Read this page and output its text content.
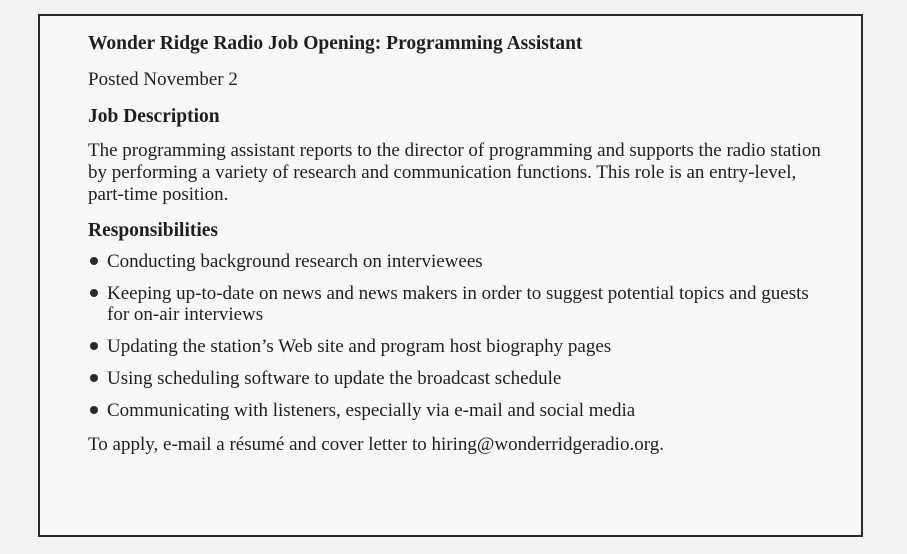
Wonder Ridge Radio Job Opening: Programming Assistant
Posted November 2
Job Description
The programming assistant reports to the director of programming and supports the radio station by performing a variety of research and communication functions. This role is an entry-level, part-time position.
Responsibilities
Conducting background research on interviewees
Keeping up-to-date on news and news makers in order to suggest potential topics and guests for on-air interviews
Updating the station’s Web site and program host biography pages
Using scheduling software to update the broadcast schedule
Communicating with listeners, especially via e-mail and social media
To apply, e-mail a résumé and cover letter to hiring@wonderridgeradio.org.
